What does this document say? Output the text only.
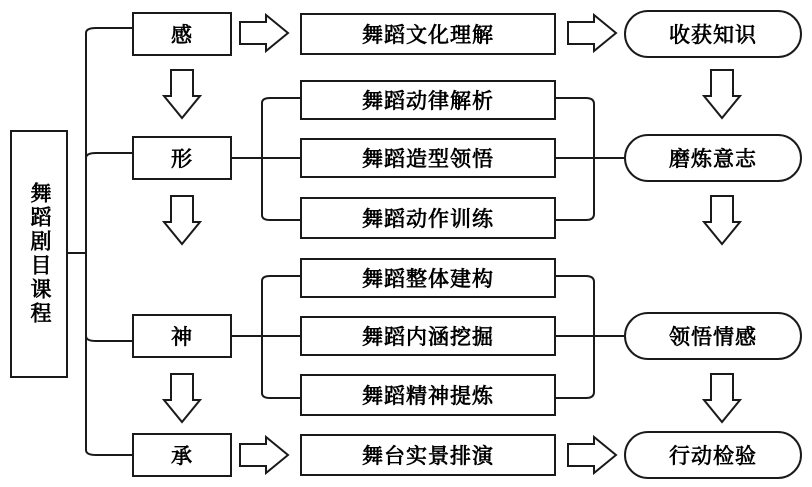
舞蹈剧目课程
感
形
神
承
舞蹈文化理解
舞蹈动律解析
舞蹈造型领悟
舞蹈动作训练
舞蹈整体建构
舞蹈内涵挖掘
舞蹈精神提炼
舞台实景排演
收获知识
磨炼意志
领悟情感
行动检验
